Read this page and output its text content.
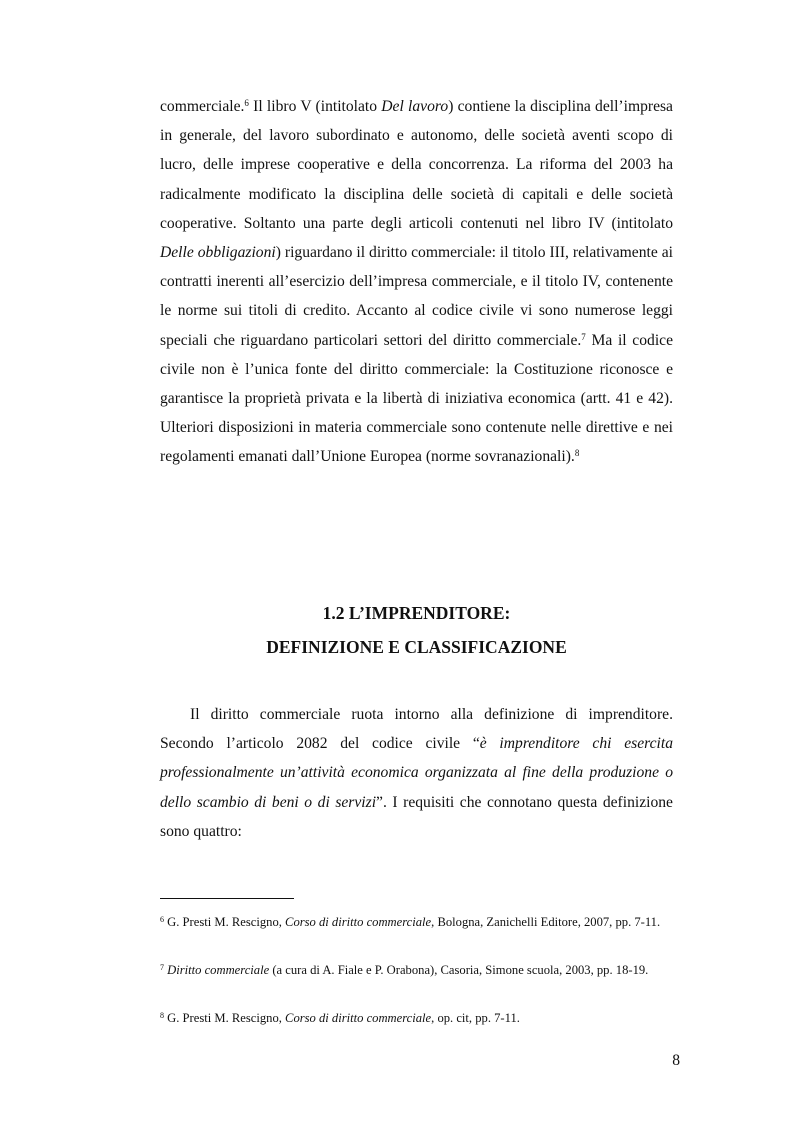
commerciale.$^6$ Il libro V (intitolato Del lavoro) contiene la disciplina dell’impresa in generale, del lavoro subordinato e autonomo, delle società aventi scopo di lucro, delle imprese cooperative e della concorrenza. La riforma del 2003 ha radicalmente modificato la disciplina delle società di capitali e delle società cooperative. Soltanto una parte degli articoli contenuti nel libro IV (intitolato Delle obbligazioni) riguardano il diritto commerciale: il titolo III, relativamente ai contratti inerenti all’esercizio dell’impresa commerciale, e il titolo IV, contenente le norme sui titoli di credito. Accanto al codice civile vi sono numerose leggi speciali che riguardano particolari settori del diritto commerciale.$^7$ Ma il codice civile non è l’unica fonte del diritto commerciale: la Costituzione riconosce e garantisce la proprietà privata e la libertà di iniziativa economica (artt. 41 e 42). Ulteriori disposizioni in materia commerciale sono contenute nelle direttive e nei regolamenti emanati dall’Unione Europea (norme sovranazionali).$^8$

1.2 L’IMPRENDITORE:
DEFINIZIONE E CLASSIFICAZIONE

Il diritto commerciale ruota intorno alla definizione di imprenditore. Secondo l’articolo 2082 del codice civile “è imprenditore chi esercita professionalmente un’attività economica organizzata al fine della produzione o dello scambio di beni o di servizi”. I requisiti che connotano questa definizione sono quattro:

$^6$ G. Presti M. Rescigno, Corso di diritto commerciale, Bologna, Zanichelli Editore, 2007, pp. 7-11.

$^7$ Diritto commerciale (a cura di A. Fiale e P. Orabona), Casoria, Simone scuola, 2003, pp. 18-19.

$^8$ G. Presti M. Rescigno, Corso di diritto commerciale, op. cit, pp. 7-11.

8
